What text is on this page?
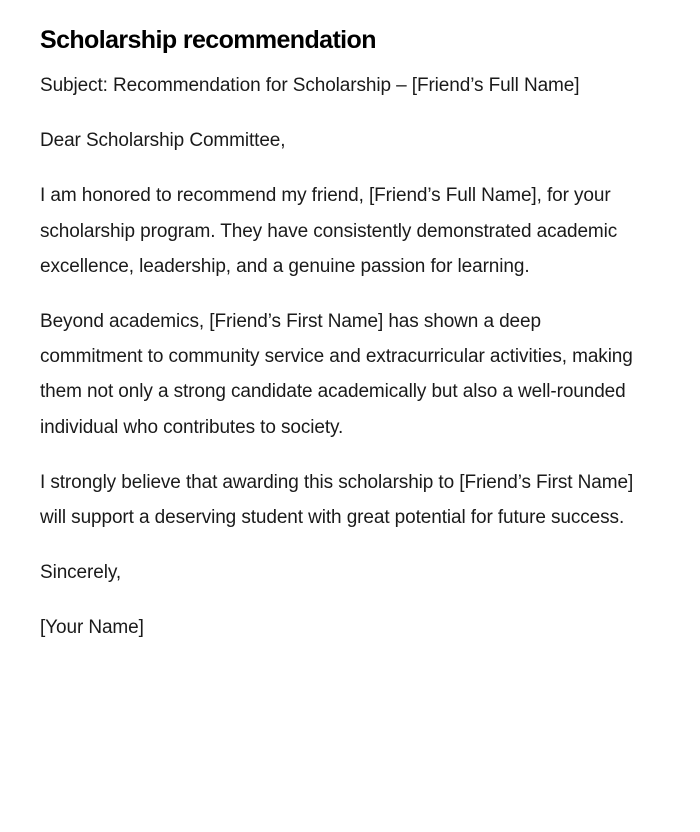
Scholarship recommendation

Subject: Recommendation for Scholarship – [Friend’s Full Name]

Dear Scholarship Committee,

I am honored to recommend my friend, [Friend’s Full Name], for your scholarship program. They have consistently demonstrated academic excellence, leadership, and a genuine passion for learning.

Beyond academics, [Friend’s First Name] has shown a deep commitment to community service and extracurricular activities, making them not only a strong candidate academically but also a well-rounded individual who contributes to society.

I strongly believe that awarding this scholarship to [Friend’s First Name] will support a deserving student with great potential for future success.

Sincerely,

[Your Name]
